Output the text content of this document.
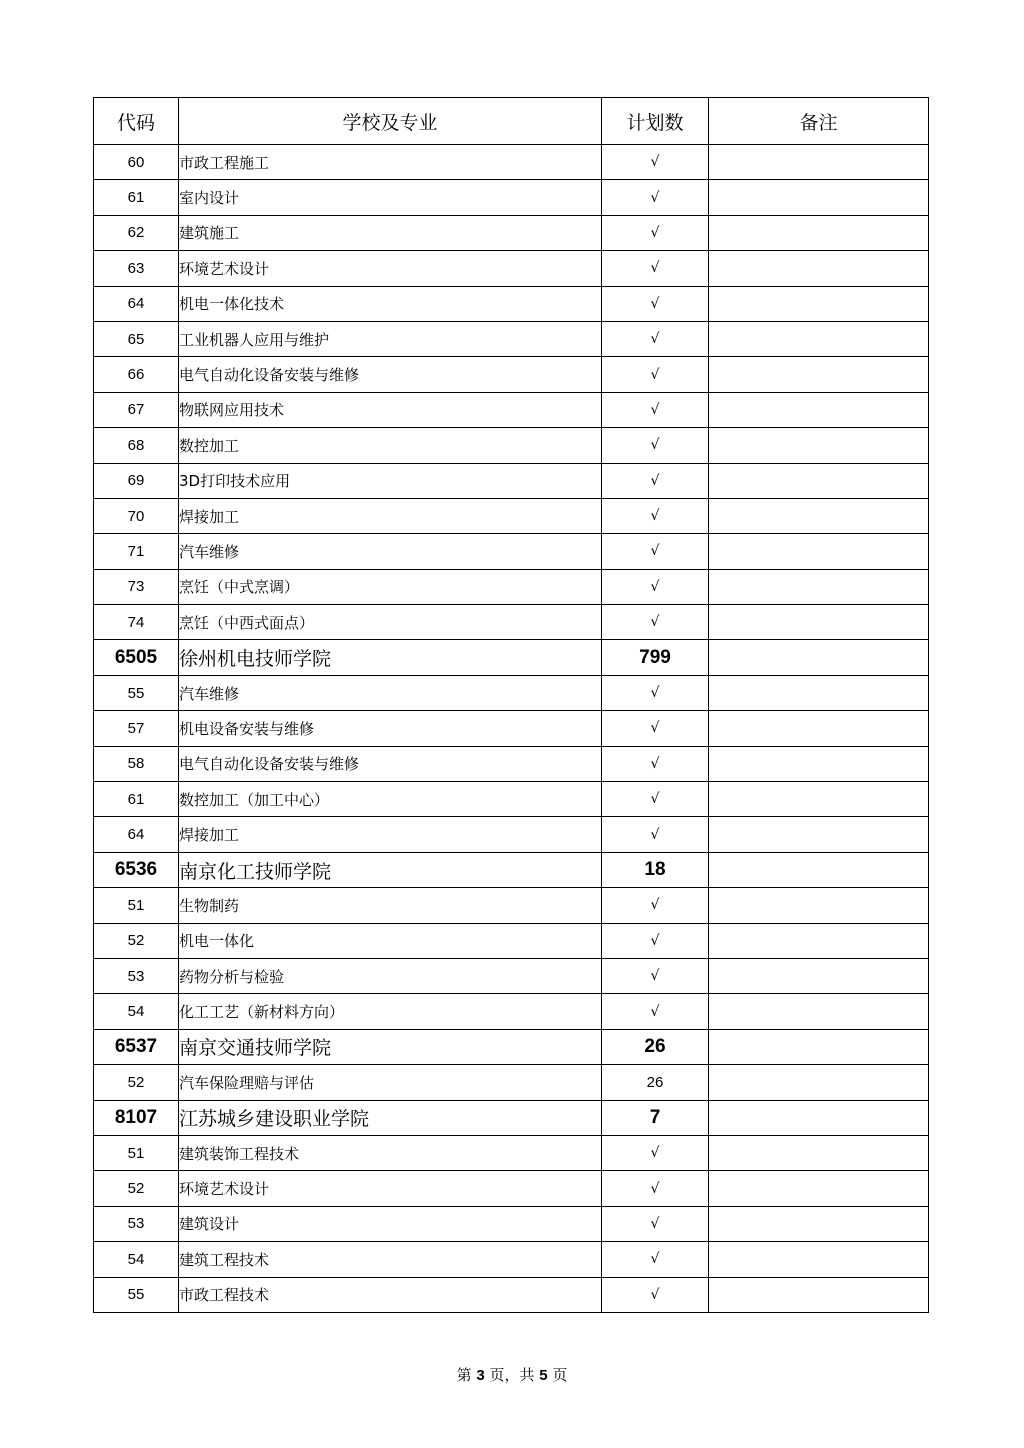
代码	学校及专业	计划数	备注
60	市政工程施工	√	
61	室内设计	√	
62	建筑施工	√	
63	环境艺术设计	√	
64	机电一体化技术	√	
65	工业机器人应用与维护	√	
66	电气自动化设备安装与维修	√	
67	物联网应用技术	√	
68	数控加工	√	
69	3D打印技术应用	√	
70	焊接加工	√	
71	汽车维修	√	
73	烹饪（中式烹调）	√	
74	烹饪（中西式面点）	√	
6505	徐州机电技师学院	799	
55	汽车维修	√	
57	机电设备安装与维修	√	
58	电气自动化设备安装与维修	√	
61	数控加工（加工中心）	√	
64	焊接加工	√	
6536	南京化工技师学院	18	
51	生物制药	√	
52	机电一体化	√	
53	药物分析与检验	√	
54	化工工艺（新材料方向）	√	
6537	南京交通技师学院	26	
52	汽车保险理赔与评估	26	
8107	江苏城乡建设职业学院	7	
51	建筑装饰工程技术	√	
52	环境艺术设计	√	
53	建筑设计	√	
54	建筑工程技术	√	
55	市政工程技术	√	
第 3 页，共 5 页
